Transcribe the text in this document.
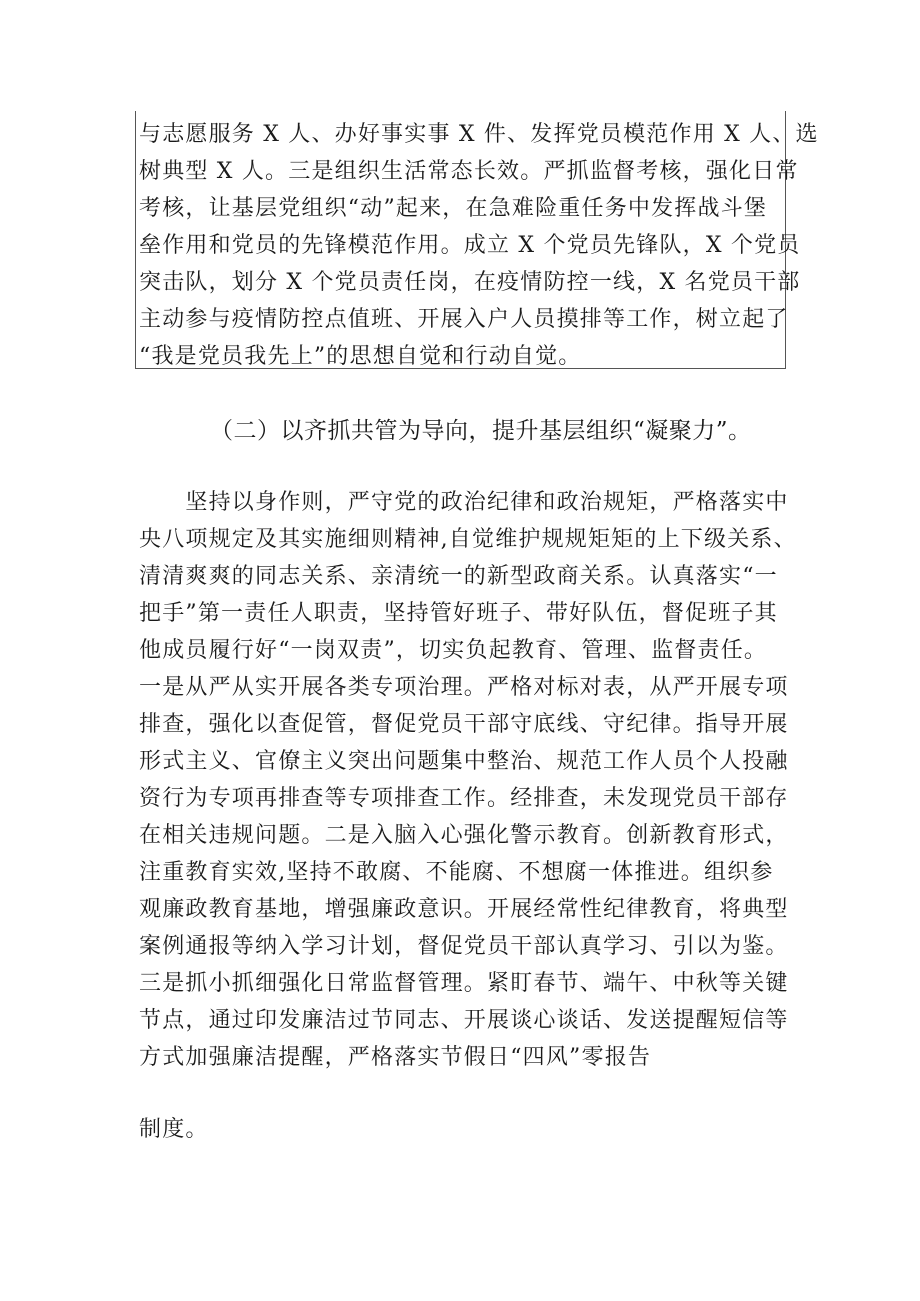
与志愿服务 X 人、办好事实事 X 件、发挥党员模范作用 X 人、选
树典型 X 人。三是组织生活常态长效。严抓监督考核，强化日常
考核，让基层党组织“动”起来，在急难险重任务中发挥战斗堡
垒作用和党员的先锋模范作用。成立 X 个党员先锋队，X 个党员
突击队，划分 X 个党员责任岗，在疫情防控一线，X 名党员干部
主动参与疫情防控点值班、开展入户人员摸排等工作，树立起了
“我是党员我先上”的思想自觉和行动自觉。
（二）以齐抓共管为导向，提升基层组织“凝聚力”。
　　坚持以身作则，严守党的政治纪律和政治规矩，严格落实中
央八项规定及其实施细则精神,自觉维护规规矩矩的上下级关系、
清清爽爽的同志关系、亲清统一的新型政商关系。认真落实“一
把手”第一责任人职责，坚持管好班子、带好队伍，督促班子其
他成员履行好“一岗双责”，切实负起教育、管理、监督责任。
一是从严从实开展各类专项治理。严格对标对表，从严开展专项
排查，强化以查促管，督促党员干部守底线、守纪律。指导开展
形式主义、官僚主义突出问题集中整治、规范工作人员个人投融
资行为专项再排查等专项排查工作。经排查，未发现党员干部存
在相关违规问题。二是入脑入心强化警示教育。创新教育形式，
注重教育实效,坚持不敢腐、不能腐、不想腐一体推进。组织参
观廉政教育基地，增强廉政意识。开展经常性纪律教育，将典型
案例通报等纳入学习计划，督促党员干部认真学习、引以为鉴。
三是抓小抓细强化日常监督管理。紧盯春节、端午、中秋等关键
节点，通过印发廉洁过节同志、开展谈心谈话、发送提醒短信等
方式加强廉洁提醒，严格落实节假日“四风”零报告
制度。
